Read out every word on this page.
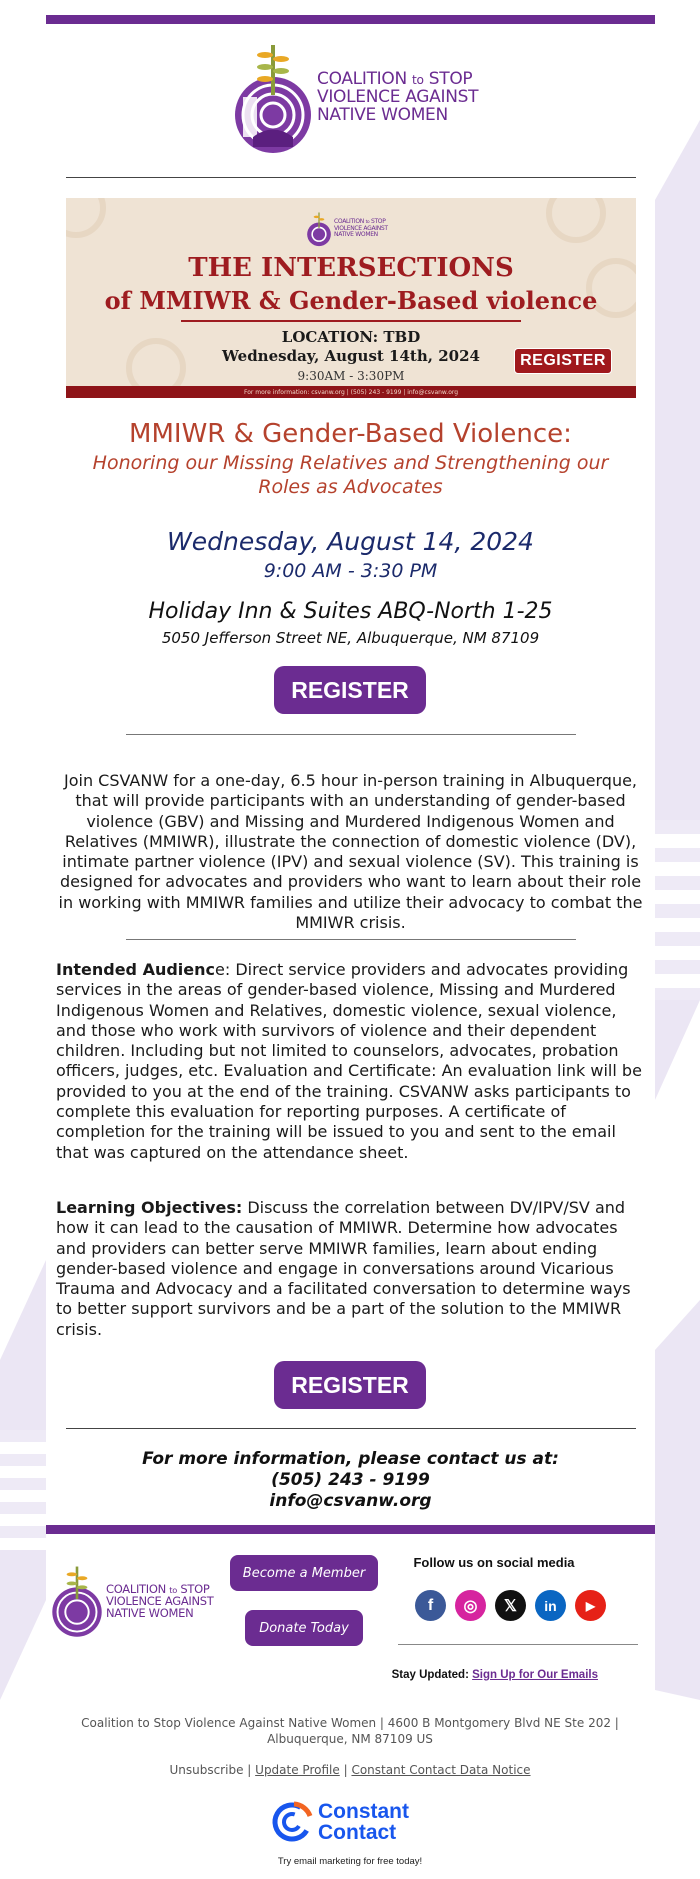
COALITION to STOP
VIOLENCE AGAINST
NATIVE WOMEN
COALITION to STOP
VIOLENCE AGAINST
NATIVE WOMEN
THE INTERSECTIONS
of MMIWR & Gender-Based violence
LOCATION: TBD
Wednesday, August 14th, 2024
9:30AM - 3:30PM
REGISTER
For more information: csvanw.org | (505) 243 - 9199 | info@csvanw.org
MMIWR & Gender-Based Violence:
Honoring our Missing Relatives and Strengthening our Roles as Advocates
Wednesday, August 14, 2024
9:00 AM - 3:30 PM
Holiday Inn & Suites ABQ-North 1-25
5050 Jefferson Street NE, Albuquerque, NM 87109
REGISTER
Join CSVANW for a one-day, 6.5 hour in-person training in Albuquerque, that will provide participants with an understanding of gender-based violence (GBV) and Missing and Murdered Indigenous Women and Relatives (MMIWR), illustrate the connection of domestic violence (DV), intimate partner violence (IPV) and sexual violence (SV). This training is designed for advocates and providers who want to learn about their role in working with MMIWR families and utilize their advocacy to combat the MMIWR crisis.
Intended Audience: Direct service providers and advocates providing services in the areas of gender-based violence, Missing and Murdered Indigenous Women and Relatives, domestic violence, sexual violence, and those who work with survivors of violence and their dependent children. Including but not limited to counselors, advocates, probation officers, judges, etc. Evaluation and Certificate: An evaluation link will be provided to you at the end of the training. CSVANW asks participants to complete this evaluation for reporting purposes. A certificate of completion for the training will be issued to you and sent to the email that was captured on the attendance sheet.
Learning Objectives: Discuss the correlation between DV/IPV/SV and how it can lead to the causation of MMIWR. Determine how advocates and providers can better serve MMIWR families, learn about ending gender-based violence and engage in conversations around Vicarious Trauma and Advocacy and a facilitated conversation to determine ways to better support survivors and be a part of the solution to the MMIWR crisis.
REGISTER
For more information, please contact us at:
(505) 243 - 9199
info@csvanw.org
COALITION to STOP
VIOLENCE AGAINST
NATIVE WOMEN
Become a Member
Donate Today
Follow us on social media
f ◎ 𝕏 in ▶
Stay Updated: Sign Up for Our Emails
Coalition to Stop Violence Against Native Women | 4600 B Montgomery Blvd NE Ste 202 | Albuquerque, NM 87109 US
Unsubscribe | Update Profile | Constant Contact Data Notice
Constant
Contact
Try email marketing for free today!
